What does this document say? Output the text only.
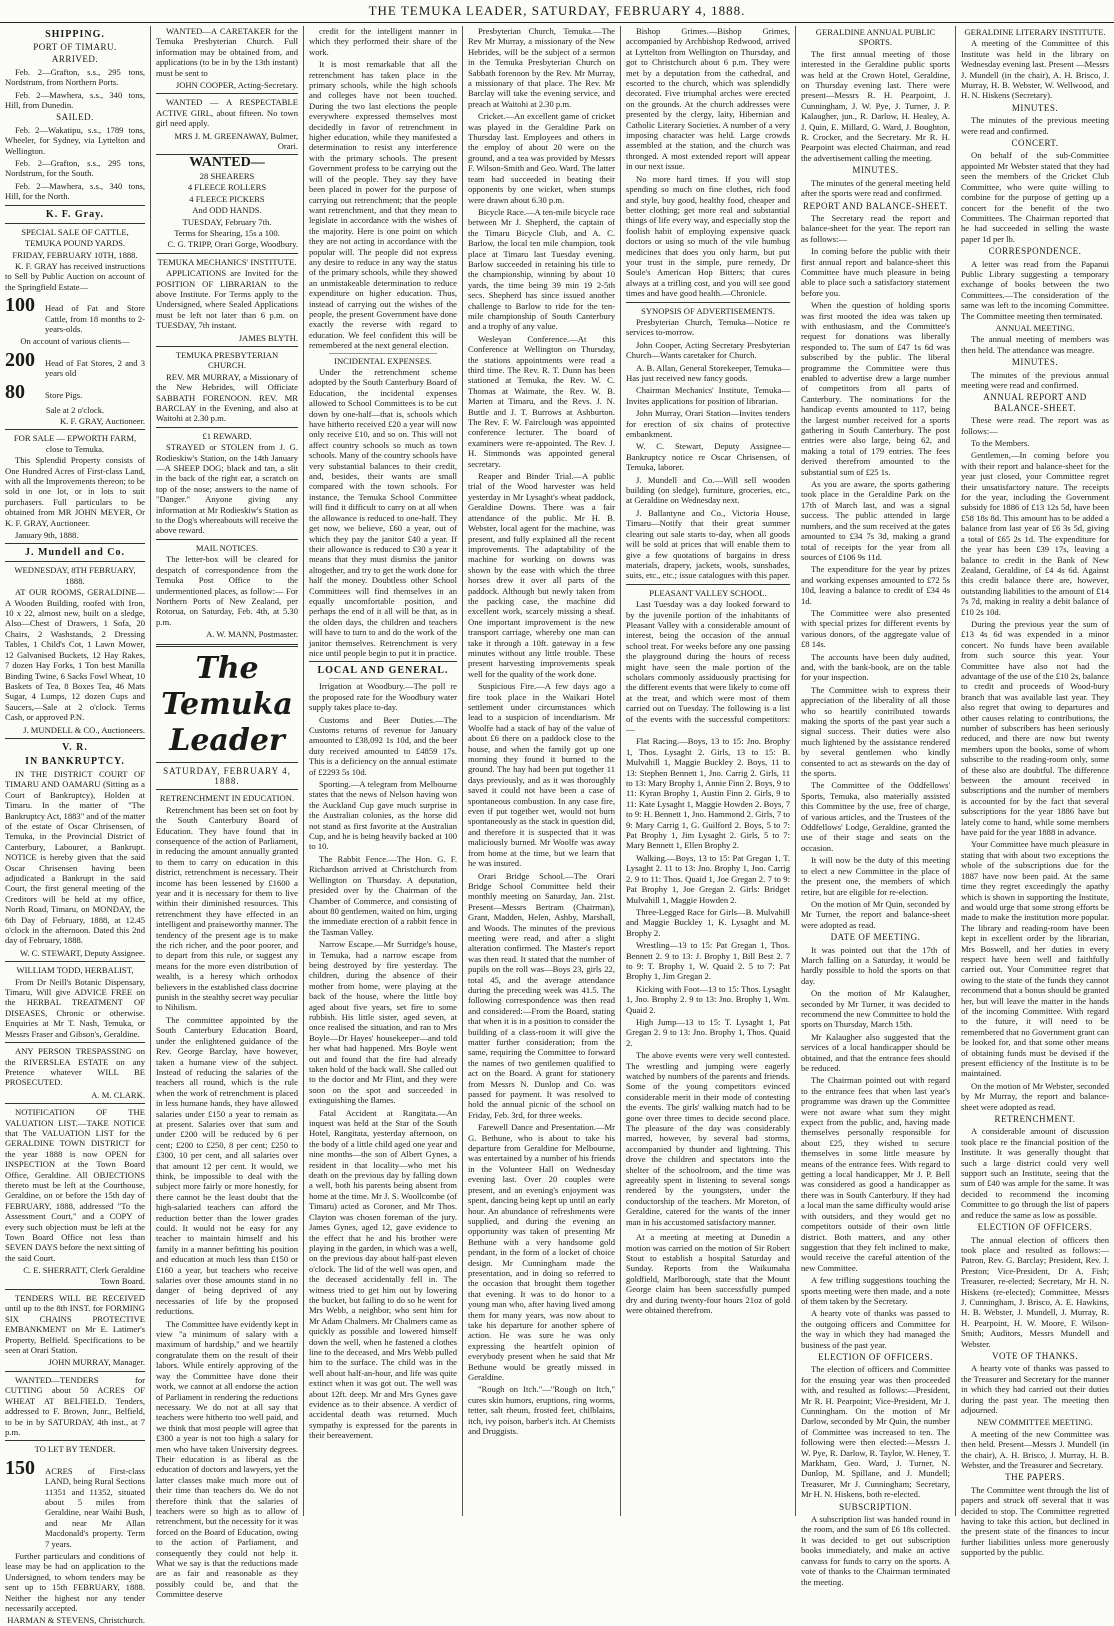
THE TEMUKA LEADER, SATURDAY, FEBRUARY 4, 1888.
SHIPPING.
PORT OF TIMARU.
ARRIVED.
Feb. 2—Grafton, s.s., 295 tons, Nordstrum, from Northern Ports.
Feb. 2—Mawhera, s.s., 340 tons, Hill, from Dunedin.
SAILED.
Feb. 2—Wakatipu, s.s., 1789 tons, Wheeler, for Sydney, via Lyttelton and Wellington.
Feb. 2—Grafton, s.s., 295 tons, Nordstrum, for the South.
Feb. 2—Mawhera, s.s., 340 tons, Hill, for the North.
K. F. Gray.
SPECIAL SALE OF CATTLE,
TEMUKA POUND YARDS.
FRIDAY, FEBRUARY 10TH, 1888.
K. F. GRAY has received instructions to Sell by Public Auction on account of the Springfield Estate—
100	Head of Fat and Store Cattle, from 18 months to 2-years-olds.
On account of various clients—
200	Head of Fat Stores, 2 and 3 years old
80	Store Pigs.
Sale at 2 o'clock.
K. F. GRAY, Auctioneer.
FOR SALE — EPWORTH FARM, close to Temuka.
This Splendid Property consists of One Hundred Acres of First-class Land, with all the Improvements thereon; to be sold in one lot, or in lots to suit purchasers. Full particulars to be obtained from MR JOHN MEYER, Or K. F. GRAY, Auctioneer.
January 9th, 1888.
J. Mundell and Co.
WEDNESDAY, 8TH FEBRUARY, 1888.
AT OUR ROOMS, GERALDINE— A Wooden Building, roofed with Iron, 10 x 22, almost new, built on a sledge, Also—Chest of Drawers, 1 Sofa, 20 Chairs, 2 Washstands, 2 Dressing Tables, 1 Child's Cot, 1 Lawn Mower, 12 Galvanised Buckets, 12 Hay Rakes, 7 dozen Hay Forks, 1 Ton best Manilla Binding Twine, 6 Sacks Fowl Wheat, 10 Baskets of Tea, 8 Boxes Tea, 46 Mats Sugar, 4 Lumps, 12 dozen Cups and Saucers,—Sale at 2 o'clock. Terms Cash, or approved P.N.
J. MUNDELL & CO., Auctioneers.
V. R.
IN BANKRUPTCY.
IN THE DISTRICT COURT OF TIMARU AND OAMARU (Sitting as a Court of Bankruptcy), Holden at Timaru. In the matter of "The Bankruptcy Act, 1883" and of the matter of the estate of Oscar Chrisensen, of Temuka, in the Provincial District of Canterbury, Labourer, a Bankrupt. NOTICE is hereby given that the said Oscar Chrisensen having been adjudicated a Bankrupt in the said Court, the first general meeting of the Creditors will be held at my office, North Road, Timaru, on MONDAY, the 6th Day of February, 1888, at 12.45 o'clock in the afternoon. Dated this 2nd day of February, 1888.
W. C. STEWART, Deputy Assignee.
WILLIAM TODD, HERBALIST,
From Dr Neill's Botanic Dispensary, Timaru, Will give ADVICE FREE on the HERBAL TREATMENT OF DISEASES, Chronic or otherwise. Enquiries at Mr T. Nash, Temuka, or Messrs Fraser and Gibson's, Geraldine.
ANY PERSON TRESPASSING on the RIVERSLEA ESTATE on any Pretence whatever WILL BE PROSECUTED.
A. M. CLARK.
NOTIFICATION OF THE VALUATION LIST.—TAKE NOTICE that The VALUATION LIST for the GERALDINE TOWN DISTRICT for the year 1888 is now OPEN for INSPECTION at the Town Board Office, Geraldine. All OBJECTIONS thereto must be left at the Courthouse, Geraldine, on or before the 15th day of FEBRUARY, 1888, addressed "To the Assessment Court," and a COPY of every such objection must be left at the Town Board Office not less than SEVEN DAYS before the next sitting of the said Court.
C. E. SHERRATT, Clerk Geraldine Town Board.
TENDERS WILL BE RECEIVED until up to the 8th INST. for FORMING SIX CHAINS PROTECTIVE EMBANKMENT on Mr E. Latimer's Property, Belfield. Specifications to be seen at Orari Station.
JOHN MURRAY, Manager.
WANTED—TENDERS for CUTTING about 50 ACRES OF WHEAT AT BELFIELD. Tenders, addressed to F. Brown, Junr., Belfield, to be in by SATURDAY, 4th inst., at 7 p.m.
TO LET BY TENDER.
150	ACRES of First-class LAND, being Rural Sections 11351 and 11352, situated about 5 miles from Geraldine, near Waihi Bush, and near Mr Allan Macdonald's property. Term 7 years.
Further particulars and conditions of lease may be had on application to the Undersigned, to whom tenders may be sent up to 15th FEBRUARY, 1888. Neither the highest nor any tender necessarily accepted.
HARMAN & STEVENS, Christchurch.
WANTED—A CARETAKER for the Temuka Presbyterian Church. Full information may be obtained from, and applications (to be in by the 13th instant) must be sent to
JOHN COOPER, Acting-Secretary.
WANTED — A RESPECTABLE ACTIVE GIRL, about fifteen. No town girl need apply.
MRS J. M. GREENAWAY, Bulmer, Orari.
WANTED—
28 SHEARERS
4 FLEECE ROLLERS
4 FLEECE PICKERS
And ODD HANDS.
TUESDAY, February 7th.
Terms for Shearing, 15s a 100.
C. G. TRIPP, Orari Gorge, Woodbury.
TEMUKA MECHANICS' INSTITUTE.
APPLICATIONS are Invited for the POSITION OF LIBRARIAN to the above Institute. For Terms apply to the Undersigned, where Sealed Applications must be left not later than 6 p.m. on TUESDAY, 7th instant.
JAMES BLYTH.
TEMUKA PRESBYTERIAN CHURCH.
REV. MR MURRAY, a Missionary of the New Hebrides, will Officiate SABBATH FORENOON. REV. MR BARCLAY in the Evening, and also at Waitohi at 2.30 p.m.
£1 REWARD.
STRAYED or STOLEN from J. G. Rodieskiw's Station, on the 14th January—A SHEEP DOG; black and tan, a slit in the back of the right ear, a scratch on top of the nose; answers to the name of "Danger." Anyone giving any information at Mr Rodieskiw's Station as to the Dog's whereabouts will receive the above reward.
MAIL NOTICES.
The letter-box will be cleared for despatch of correspondence from the Temuka Post Office to the undermentioned places, as follow:— For Northern Ports of New Zealand, per Rotorua, on Saturday, Feb. 4th, at 5.30 p.m.
A. W. MANN, Postmaster.
The Temuka Leader
SATURDAY, FEBRUARY 4, 1888.
RETRENCHMENT IN EDUCATION.
Retrenchment has been set on foot by the South Canterbury Board of Education. They have found that in consequence of the action of Parliament, in reducing the amount annually granted to them to carry on education in this district, retrenchment is necessary. Their income has been lessened by £1600 a year and it is necessary for them to live within their diminished resources. This retrenchment they have effected in an intelligent and praiseworthy manner. The tendency of the present age is to make the rich richer, and the poor poorer, and to depart from this rule, or suggest any means for the more even distribution of wealth, is a heresy which orthodox believers in the established class doctrine punish in the stealthy secret way peculiar to Nihilism.
The committee appointed by the South Canterbury Education Board, under the enlightened guidance of the Rev. George Barclay, have however, taken a humane view of the subject. Instead of reducing the salaries of the teachers all round, which is the rule when the work of retrenchment is placed in less humane hands, they have allowed salaries under £150 a year to remain as at present. Salaries over that sum and under £200 will be reduced by 6 per cent; £200 to £250, 8 per cent; £250 to £300, 10 per cent, and all salaries over that amount 12 per cent. It would, we think, be impossible to deal with the subject more fairly or more honestly, for there cannot be the least doubt that the high-salaried teachers can afford the reduction better than the lower grades could. It would not be easy for any teacher to maintain himself and his family in a manner befitting his position and education at much less than £150 or £160 a year, but teachers who receive salaries over those amounts stand in no danger of being deprived of any necessaries of life by the proposed reductions.
The Committee have evidently kept in view "a minimum of salary with a maximum of hardship," and we heartily congratulate them on the result of their labors. While entirely approving of the way the Committee have done their work, we cannot at all endorse the action of Parliament in rendering the reductions necessary. We do not at all say that teachers were hitherto too well paid, and we think that most people will agree that £300 a year is not too high a salary for men who have taken University degrees. Their education is as liberal as the education of doctors and lawyers, yet the latter classes make much more out of their time than teachers do. We do not therefore think that the salaries of teachers were so high as to allow of retrenchment, but the necessity for it was forced on the Board of Education, owing to the action of Parliament, and consequently they could not help it. What we say is that the reductions made are as fair and reasonable as they possibly could be, and that the Committee deserve
credit for the intelligent manner in which they performed their share of the work.
It is most remarkable that all the retrenchment has taken place in the primary schools, while the high schools and colleges have not been touched. During the two last elections the people everywhere expressed themselves most decidedly in favor of retrenchment in higher education, while they manifested a determination to resist any interference with the primary schools. The present Government profess to be carrying out the will of the people. They say they have been placed in power for the purpose of carrying out retrenchment; that the people want retrenchment, and that they mean to legislate in accordance with the wishes of the majority. Here is one point on which they are not acting in accordance with the popular will. The people did not express any desire to reduce in any way the status of the primary schools, while they showed an unmistakeable determination to reduce expenditure on higher education. Thus, instead of carrying out the wishes of the people, the present Government have done exactly the reverse with regard to education. We feel confident this will be remembered at the next general election.
INCIDENTAL EXPENSES.
Under the retrenchment scheme adopted by the South Canterbury Board of Education, the incidental expenses allowed to School Committees is to be cut down by one-half—that is, schools which have hitherto received £20 a year will now only receive £10, and so on. This will not affect country schools so much as town schools. Many of the country schools have very substantial balances to their credit, and, besides, their wants are small compared with the town schools. For instance, the Temuka School Committee will find it difficult to carry on at all when the allowance is reduced to one-half. They get now, we believe, £60 a year, out of which they pay the janitor £40 a year. If their allowance is reduced to £30 a year it means that they must dismiss the janitor altogether, and try to get the work done for half the money. Doubtless other School Committees will find themselves in an equally uncomfortable position, and perhaps the end of it all will be that, as in the olden days, the children and teachers will have to turn to and do the work of the janitor themselves. Retrenchment is very nice until people begin to put it in practice.
LOCAL AND GENERAL.
Irrigation at Woodbury.—The poll re the proposed rate for the Woodbury water supply takes place to-day.
Customs and Beer Duties.—The Customs returns of revenue for January amounted to £38,092 1s 10d, and the beer duty received amounted to £4859 17s. This is a deficiency on the annual estimate of £2293 5s 10d.
Sporting.—A telegram from Melbourne states that the news of Nelson having won the Auckland Cup gave much surprise in the Australian colonies, as the horse did not stand as first favorite at the Australian Cup, and he is being heavily backed at 100 to 10.
The Rabbit Fence.—The Hon. G. F. Richardson arrived at Christchurch from Wellington on Thursday. A deputation, presided over by the Chairman of the Chamber of Commerce, and consisting of about 80 gentlemen, waited on him, urging the immediate erection of a rabbit fence in the Tasman Valley.
Narrow Escape.—Mr Surridge's house, in Temuka, had a narrow escape from being destroyed by fire yesterday. The children, during the absence of their mother from home, were playing at the back of the house, where the little boy aged about five years, set fire to some rubbish. His little sister, aged seven, at once realised the situation, and ran to Mrs Boyle—Dr Hayes' housekeeper—and told her what had happened. Mrs Boyle went out and found that the fire had already taken hold of the back wall. She called out to the doctor and Mr Flint, and they were soon on the spot and succeeded in extinguishing the flames.
Fatal Accident at Rangitata.—An inquest was held at the Star of the South Hotel, Rangitata, yesterday afternoon, on the body of a little child aged one year and nine months—the son of Albert Gynes, a resident in that locality—who met his death on the previous day by falling down a well, both his parents being absent from home at the time. Mr J. S. Woollcombe (of Timaru) acted as Coroner, and Mr Thos. Clayton was chosen foreman of the jury. James Gynes, aged 12, gave evidence to the effect that he and his brother were playing in the garden, in which was a well, on the previous day about half-past eleven o'clock. The lid of the well was open, and the deceased accidentally fell in. The witness tried to get him out by lowering the bucket, but failing to do so he went for Mrs Webb, a neighbor, who sent him for Mr Adam Chalmers. Mr Chalmers came as quickly as possible and lowered himself down the well, when he fastened a clothes line to the deceased, and Mrs Webb pulled him to the surface. The child was in the well about half-an-hour, and life was quite extinct when it was got out. The well was about 12ft. deep. Mr and Mrs Gynes gave evidence as to their absence. A verdict of accidental death was returned. Much sympathy is expressed for the parents in their bereavement.
Presbyterian Church, Temuka.—The Rev Mr Murray, a missionary of the New Hebrides, will be the subject of a sermon in the Temuka Presbyterian Church on Sabbath forenoon by the Rev. Mr Murray, a missionary of that place. The Rev. Mr Barclay will take the evening service, and preach at Waitohi at 2.30 p.m.
Cricket.—An excellent game of cricket was played in the Geraldine Park on Thursday last. Employees and others in the employ of about 20 were on the ground, and a tea was provided by Messrs F. Wilson-Smith and Geo. Ward. The latter team had succeeded in beating their opponents by one wicket, when stumps were drawn about 6.30 p.m.
Bicycle Race.—A ten-mile bicycle race between Mr J. Shepherd, the captain of the Timaru Bicycle Club, and A. C. Barlow, the local ten mile champion, took place at Timaru last Tuesday evening. Barlow succeeded in retaining his title to the championship, winning by about 10 yards, the time being 39 min 19 2-5th secs. Shepherd has since issued another challenge to Barlow to ride for the ten-mile championship of South Canterbury and a trophy of any value.
Wesleyan Conference.—At this Conference at Wellington on Thursday, the stations appointments were read a third time. The Rev. R. T. Dunn has been stationed at Temuka, the Rev. W. C. Thomas at Waimate, the Rev. W. B. Marten at Timaru, and the Revs. J. N. Buttle and J. T. Burrows at Ashburton. The Rev. F. W. Fairclough was appointed conference lecturer. The board of examiners were re-appointed. The Rev. J. H. Simmonds was appointed general secretary.
Reaper and Binder Trial.—A public trial of the Wood harvester was held yesterday in Mr Lysaght's wheat paddock, Geraldine Downs. There was a fair attendance of the public. Mr H. B. Webster, local agent for the machine, was present, and fully explained all the recent improvements. The adaptability of the machine for working on downs was shown by the ease with which the three horses drew it over all parts of the paddock. Although but newly taken from the packing case, the machine did excellent work, scarcely missing a sheaf. One important improvement is the new transport carriage, whereby one man can take it through a 10ft. gateway in a few minutes without any little trouble. These present harvesting improvements speak well for the quality of the work done.
Suspicious Fire.—A few days ago a fire took place in the Waikari Hotel settlement under circumstances which lead to a suspicion of incendiarism. Mr Woolfe had a stack of hay of the value of about £6 there on a paddock close to the house, and when the family got up one morning they found it burned to the ground. The hay had been put together 11 days previously, and as it was thoroughly saved it could not have been a case of spontaneous combustion. In any case fire, even if put together wet, would not burn spontaneously as the stack in question did, and therefore it is suspected that it was maliciously burned. Mr Woolfe was away from home at the time, but we learn that he was insured.
Orari Bridge School.—The Orari Bridge School Committee held their monthly meeting on Saturday, Jan. 21st. Present—Messrs Bertram (Chairman), Grant, Madden, Helen, Ashby, Marshall, and Woods. The minutes of the previous meeting were read, and after a slight alteration confirmed. The Master's report was then read. It stated that the number of pupils on the roll was—Boys 23, girls 22, total 45, and the average attendance during the preceding week was 41.5. The following correspondence was then read and considered:—From the Board, stating that when it is in a position to consider the building of a class-room it will give the matter further consideration; from the same, requiring the Committee to forward the names of two gentlemen qualified to act on the Board. A grant for stationery from Messrs N. Dunlop and Co. was passed for payment. It was resolved to hold the annual picnic of the school on Friday, Feb. 3rd, for three weeks.
Farewell Dance and Presentation.—Mr G. Bethune, who is about to take his departure from Geraldine for Melbourne, was entertained by a number of his friends in the Volunteer Hall on Wednesday evening last. Over 20 couples were present, and an evening's enjoyment was spent, dancing being kept up until an early hour. An abundance of refreshments were supplied, and during the evening an opportunity was taken of presenting Mr Bethune with a very handsome gold pendant, in the form of a locket of choice design. Mr Cunningham made the presentation, and in doing so referred to the occasion that brought them together that evening. It was to do honor to a young man who, after having lived among them for many years, was now about to take his departure for another sphere of action. He was sure he was only expressing the heartfelt opinion of everybody present when he said that Mr Bethune would be greatly missed in Geraldine.
"Rough on Itch."—"Rough on Itch," cures skin humors, eruptions, ring worms, tetter, salt rheum, frosted feet, chilblains, itch, ivy poison, barber's itch. At Chemists and Druggists.
Bishop Grimes.—Bishop Grimes, accompanied by Archbishop Redwood, arrived at Lyttelton from Wellington on Thursday, and got to Christchurch about 6 p.m. They were met by a deputation from the cathedral, and escorted to the church, which was splendidly decorated. Five triumphal arches were erected on the grounds. At the church addresses were presented by the clergy, laity, Hibernian and Catholic Literary Societies. A number of a very imposing character was held. Large crowds assembled at the station, and the church was thronged. A most extended report will appear in our next issue.
No more hard times. If you will stop spending so much on fine clothes, rich food and style, buy good, healthy food, cheaper and better clothing; get more real and substantial things of life every way, and especially stop the foolish habit of employing expensive quack doctors or using so much of the vile humbug medicines that does you only harm, but put your trust in the simple, pure remedy, Dr Soule's American Hop Bitters; that cures always at a trifling cost, and you will see good times and have good health.—Chronicle.
SYNOPSIS OF ADVERTISEMENTS.
Presbyterian Church, Temuka—Notice re services to-morrow.
John Cooper, Acting Secretary Presbyterian Church—Wants caretaker for Church.
A. B. Allan, General Storekeeper, Temuka—Has just received new fancy goods.
Chairman Mechanics' Institute, Temuka—Invites applications for position of librarian.
John Murray, Orari Station—Invites tenders for erection of six chains of protective embankment.
W. C. Stewart, Deputy Assignee—Bankruptcy notice re Oscar Chrisensen, of Temuka, laborer.
J. Mundell and Co.—Will sell wooden building (on sledge), furniture, groceries, etc., at Geraldine on Wednesday next.
J. Ballantyne and Co., Victoria House, Timaru—Notify that their great summer clearing out sale starts to-day, when all goods will be sold at prices that will enable them to give a few quotations of bargains in dress materials, drapery, jackets, wools, sunshades, suits, etc., etc.; issue catalogues with this paper.
PLEASANT VALLEY SCHOOL.
Last Tuesday was a day looked forward to by the juvenile portion of the inhabitants of Pleasant Valley with a considerable amount of interest, being the occasion of the annual school treat. For weeks before any one passing the playground during the hours of recess might have seen the male portion of the scholars commonly assiduously practising for the different events that were likely to come off at the treat, and which were most of them carried out on Tuesday. The following is a list of the events with the successful competitors:—
Flat Racing.—Boys, 13 to 15: Jno. Brophy 1, Thos. Lysaght 2. Girls, 13 to 15: B. Mulvahill 1, Maggie Buckley 2. Boys, 11 to 13: Stephen Bennett 1, Jno. Carrig 2. Girls, 11 to 13: Mary Brophy 1, Annie Finn 2. Boys, 9 to 11: Kyran Brophy 1, Austin Finn 2. Girls, 9 to 11: Kate Lysaght 1, Maggie Howden 2. Boys, 7 to 9: H. Bennett 1, Jno. Hammond 2. Girls, 7 to 9: Mary Carrig 1, G. Guilford 2. Boys, 5 to 7: Pat Brophy 1, Jim Lysaght 2. Girls, 5 to 7: Mary Bennett 1, Ellen Brophy 2.
Walking.—Boys, 13 to 15: Pat Gregan 1, T. Lysaght 2. 11 to 13: Jno. Brophy 1, Jno. Carrig 2. 9 to 11: Thos. Quaid 1, Joe Gregan 2. 7 to 9: Pat Brophy 1, Joe Gregan 2. Girls: Bridget Mulvahill 1, Maggie Howden 2.
Three-Legged Race for Girls—B. Mulvahill and Maggie Buckley 1, K. Lysaght and M. Brophy 2.
Wrestling—13 to 15: Pat Gregan 1, Thos. Bennett 2. 9 to 13: J. Brophy 1, Bill Best 2. 7 to 9: T. Brophy 1, W. Quaid 2. 5 to 7: Pat Brophy 1, Jim Gregan 2.
Kicking with Foot—13 to 15: Thos. Lysaght 1, Jno. Brophy 2. 9 to 13: Jno. Brophy 1, Wm. Quaid 2.
High Jump—13 to 15: T. Lysaght 1, Pat Gregan 2. 9 to 13: Jno. Brophy 1, Thos. Quaid 2.
The above events were very well contested. The wrestling and jumping were eagerly watched by numbers of the parents and friends. Some of the young competitors evinced considerable merit in their mode of contesting the events. The girls' walking match had to be gone over three times to decide second place. The pleasure of the day was considerably marred, however, by several bad storms, accompanied by thunder and lightning. This drove the children and spectators into the shelter of the schoolroom, and the time was agreeably spent in listening to several songs rendered by the youngsters, under the conductorship of the teachers. Mr Moreton, of Geraldine, catered for the wants of the inner man in his accustomed satisfactory manner.
At a meeting at meeting at Dunedin a motion was carried on the motion of Sir Robert Stout to establish a hospital Saturday and Sunday. Reports from the Waikumaha goldfield, Marlborough, state that the Mount George claim has been successfully pumped dry and during twenty-four hours 21oz of gold were obtained therefrom.
GERALDINE ANNUAL PUBLIC SPORTS.
The first annual meeting of those interested in the Geraldine public sports was held at the Crown Hotel, Geraldine, on Thursday evening last. There were present—Messrs R. H. Pearpoint, J. Cunningham, J. W. Pye, J. Turner, J. P. Kalaugher, jun., R. Darlow, H. Healey, A. J. Quin, E. Millard, G. Ward, J. Boughton, R. Crocker, and the Secretary. Mr R. H. Pearpoint was elected Chairman, and read the advertisement calling the meeting.
MINUTES.
The minutes of the general meeting held after the sports were read and confirmed.
REPORT AND BALANCE-SHEET.
The Secretary read the report and balance-sheet for the year. The report ran as follows:—
In coming before the public with their first annual report and balance-sheet this Committee have much pleasure in being able to place such a satisfactory statement before you.
When the question of holding sports was first mooted the idea was taken up with enthusiasm, and the Committee's request for donations was liberally responded to. The sum of £47 1s 6d was subscribed by the public. The liberal programme the Committee were thus enabled to advertise drew a large number of competitors from all parts of Canterbury. The nominations for the handicap events amounted to 117, being the largest number received for a sports gathering in South Canterbury. The post entries were also large, being 62, and making a total of 179 entries. The fees derived therefrom amounted to the substantial sum of £25 1s.
As you are aware, the sports gathering took place in the Geraldine Park on the 17th of March last, and was a signal success. The public attended in large numbers, and the sum received at the gates amounted to £34 7s 3d, making a grand total of receipts for the year from all sources of £106 9s 11d.
The expenditure for the year by prizes and working expenses amounted to £72 5s 10d, leaving a balance to credit of £34 4s 1d.
The Committee were also presented with special prizes for different events by various donors, of the aggregate value of £8 14s.
The accounts have been duly audited, and, with the bank-book, are on the table for your inspection.
The Committee wish to express their appreciation of the liberality of all those who so heartily contributed towards making the sports of the past year such a signal success. Their duties were also much lightened by the assistance rendered by several gentlemen who kindly consented to act as stewards on the day of the sports.
The Committee of the Oddfellows' Sports, Temuka, also materially assisted this Committee by the use, free of charge, of various articles, and the Trustees of the Oddfellows' Lodge, Geraldine, granted the use of their stage and seats on the occasion.
It will now be the duty of this meeting to elect a new Committee in the place of the present one, the members of which retire, but are eligible for re-election.
On the motion of Mr Quin, seconded by Mr Turner, the report and balance-sheet were adopted as read.
DATE OF MEETING.
It was pointed out that the 17th of March falling on a Saturday, it would be hardly possible to hold the sports on that day.
On the motion of Mr Kalaugher, seconded by Mr Turner, it was decided to recommend the new Committee to hold the sports on Thursday, March 15th.
Mr Kalaugher also suggested that the services of a local handicapper should be obtained, and that the entrance fees should be reduced.
The Chairman pointed out with regard to the entrance fees that when last year's programme was drawn up the Committee were not aware what sum they might expect from the public, and, having made themselves personally responsible for about £25, they wished to secure themselves in some little measure by means of the entrance fees. With regard to getting a local handicapper, Mr J. P. Bell was considered as good a handicapper as there was in South Canterbury. If they had a local man the same difficulty would arise with outsiders, and they would get no competitors outside of their own little district. Both matters, and any other suggestion that they felt inclined to make, would receive the careful attention of the new Committee.
A few trifling suggestions touching the sports meeting were then made, and a note of them taken by the Secretary.
A hearty vote of thanks was passed to the outgoing officers and Committee for the way in which they had managed the business of the past year.
ELECTION OF OFFICERS.
The election of officers and Committee for the ensuing year was then proceeded with, and resulted as follows:—President, Mr R. H. Pearpoint; Vice-President, Mr J. Cunningham. On the motion of Mr Darlow, seconded by Mr Quin, the number of Committee was increased to ten. The following were then elected:—Messrs J. W. Pye, R. Darlow, R. Taylor, W. Heney, T. Markham, Geo. Ward, J. Turner, N. Dunlop, M. Spillane, and J. Mundell; Treasurer, Mr J. Cunningham; Secretary, Mr H. N. Hiskens, both re-elected.
SUBSCRIPTION.
A subscription list was handed round in the room, and the sum of £6 18s collected. It was decided to get out subscription books immediately, and make an active canvass for funds to carry on the sports. A vote of thanks to the Chairman terminated the meeting.
GERALDINE LITERARY INSTITUTE.
A meeting of the Committee of this Institute was held in the library on Wednesday evening last. Present —Messrs J. Mundell (in the chair), A. H. Brisco, J. Murray, H. B. Webster, W. Wellwood, and H. N. Hiskens (Secretary).
MINUTES.
The minutes of the previous meeting were read and confirmed.
CONCERT.
On behalf of the sub-Committee appointed Mr Webster stated that they had seen the members of the Cricket Club Committee, who were quite willing to combine for the purpose of getting up a concert for the benefit of the two Committees. The Chairman reported that he had succeeded in selling the waste paper 1d per lb.
CORRESPONDENCE.
A letter was read from the Papanui Public Library suggesting a temporary exchange of books between the two Committees.—The consideration of the same was left to the incoming Committee. The Committee meeting then terminated.
ANNUAL MEETING.
The annual meeting of members was then held. The attendance was meagre.
MINUTES.
The minutes of the previous annual meeting were read and confirmed.
ANNUAL REPORT AND BALANCE-SHEET.
These were read. The report was as follows:—
To the Members.
Gentlemen,—In coming before you with their report and balance-sheet for the year just closed, your Committee regret their unsatisfactory nature. The receipts for the year, including the Government subsidy for 1886 of £13 12s 5d, have been £58 18s 8d. This amount has to be added a balance from last year of £6 3s 5d, giving a total of £65 2s 1d. The expenditure for the year has been £39 17s, leaving a balance to credit in the Bank of New Zealand, Geraldine, of £4 4s 6d. Against this credit balance there are, however, outstanding liabilities to the amount of £14 7s 7d, making in reality a debit balance of £10 2s 10d.
During the previous year the sum of £13 4s 6d was expended in a minor concert. No funds have been available from such source this year. Your Committee have also not had the advantage of the use of the £10 2s, balance to credit and proceeds of Wood-bury branch that was available last year. They also regret that owing to departures and other causes relating to contributions, the number of subscribers has been seriously reduced, and there are now but twenty members upon the books, some of whom subscribe to the reading-room only, some of these also are doubtful. The difference between the amount received in subscriptions and the number of members is accounted for by the fact that several subscriptions for the year 1886 have but lately come to hand, while some members have paid for the year 1888 in advance.
Your Committee have much pleasure in stating that with about two exceptions the whole of the subscriptions due for the 1887 have now been paid. At the same time they regret exceedingly the apathy which is shown in supporting the Institute, and would urge that some strong efforts be made to make the institution more popular. The library and reading-room have been kept in excellent order by the librarian, Mrs Boswell, and her duties in every respect have been well and faithfully carried out. Your Committee regret that owing to the state of the funds they cannot recommend that a bonus should be granted her, but will leave the matter in the hands of the incoming Committee. With regard to the future, it will need to be remembered that no Government grant can be looked for, and that some other means of obtaining funds must be devised if the present efficiency of the Institute is to be maintained.
On the motion of Mr Webster, seconded by Mr Murray, the report and balance-sheet were adopted as read.
RETRENCHMENT.
A considerable amount of discussion took place re the financial position of the Institute. It was generally thought that such a large district could very well support such an Institute, seeing that the sum of £40 was ample for the same. It was decided to recommend the incoming Committee to go through the list of papers and reduce the same as low as possible.
ELECTION OF OFFICERS.
The annual election of officers then took place and resulted as follows:—Patron, Rev. G. Barclay; President, Rev. J. Preston; Vice-President, Dr A. Fish; Treasurer, re-elected; Secretary, Mr H. N. Hiskens (re-elected); Committee, Messrs J. Cunningham, J. Brisco, A. E. Hawkins, H. B. Webster, J. Mundell, J. Murray, R. H. Pearpoint, H. W. Moore, F. Wilson-Smith; Auditors, Messrs Mundell and Webster.
VOTE OF THANKS.
A hearty vote of thanks was passed to the Treasurer and Secretary for the manner in which they had carried out their duties during the past year. The meeting then adjourned.
NEW COMMITTEE MEETING.
A meeting of the new Committee was then held. Present—Messrs J. Mundell (in the chair), A. H. Brisco, J. Murray, H. B. Webster, and the Treasurer and Secretary.
THE PAPERS.
The Committee went through the list of papers and struck off several that it was decided to stop. The Committee regretted having to take this action, but declined in the present state of the finances to incur further liabilities unless more generously supported by the public.
